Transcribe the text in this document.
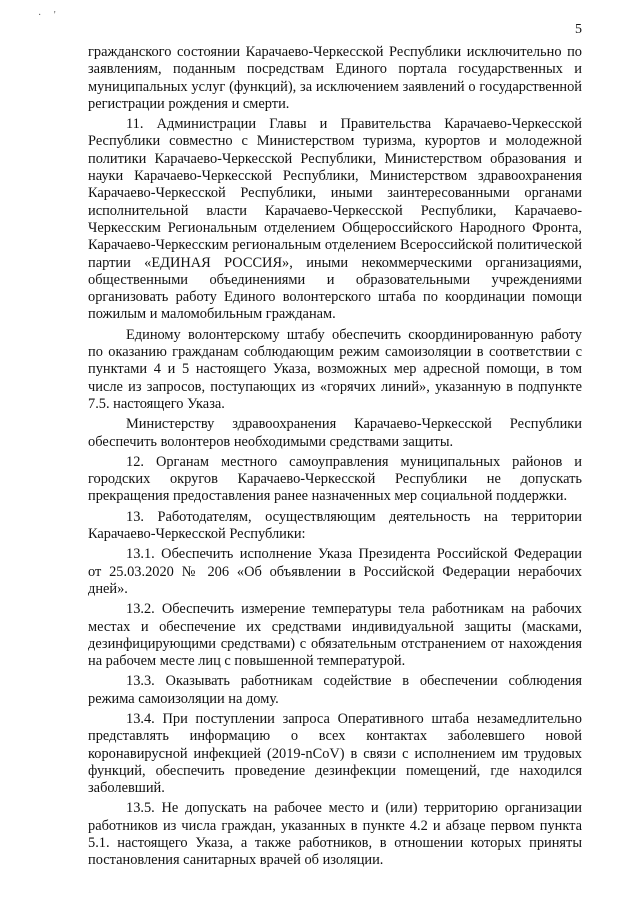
·     '
5

гражданского состоянии Карачаево-Черкесской Республики исключительно по заявлениям, поданным посредствам Единого портала государственных и муниципальных услуг (функций), за исключением заявлений о государственной регистрации рождения и смерти.

11. Администрации Главы и Правительства Карачаево-Черкесской Республики совместно с Министерством туризма, курортов и молодежной политики Карачаево-Черкесской Республики, Министерством образования и науки Карачаево-Черкесской Республики, Министерством здравоохранения Карачаево-Черкесской Республики, иными заинтересованными органами исполнительной власти Карачаево-Черкесской Республики, Карачаево-Черкесским Региональным отделением Общероссийского Народного Фронта, Карачаево-Черкесским региональным отделением Всероссийской политической партии «ЕДИНАЯ РОССИЯ», иными некоммерческими организациями, общественными объединениями и образовательными учреждениями организовать работу Единого волонтерского штаба по координации помощи пожилым и маломобильным гражданам.

Единому волонтерскому штабу обеспечить скоординированную работу по оказанию гражданам соблюдающим режим самоизоляции в соответствии с пунктами 4 и 5 настоящего Указа, возможных мер адресной помощи, в том числе из запросов, поступающих из «горячих линий», указанную в подпункте 7.5. настоящего Указа.

Министерству здравоохранения Карачаево-Черкесской Республики обеспечить волонтеров необходимыми средствами защиты.

12. Органам местного самоуправления муниципальных районов и городских округов Карачаево-Черкесской Республики не допускать прекращения предоставления ранее назначенных мер социальной поддержки.

13. Работодателям, осуществляющим деятельность на территории Карачаево-Черкесской Республики:

13.1. Обеспечить исполнение Указа Президента Российской Федерации от 25.03.2020 № 206 «Об объявлении в Российской Федерации нерабочих дней».

13.2. Обеспечить измерение температуры тела работникам на рабочих местах и обеспечение их средствами индивидуальной защиты (масками, дезинфицирующими средствами) с обязательным отстранением от нахождения на рабочем месте лиц с повышенной температурой.

13.3. Оказывать работникам содействие в обеспечении соблюдения режима самоизоляции на дому.

13.4. При поступлении запроса Оперативного штаба незамедлительно представлять информацию о всех контактах заболевшего новой коронавирусной инфекцией (2019-nCoV) в связи с исполнением им трудовых функций, обеспечить проведение дезинфекции помещений, где находился заболевший.

13.5. Не допускать на рабочее место и (или) территорию организации работников из числа граждан, указанных в пункте 4.2 и абзаце первом пункта 5.1. настоящего Указа, а также работников, в отношении которых приняты постановления санитарных врачей об изоляции.
